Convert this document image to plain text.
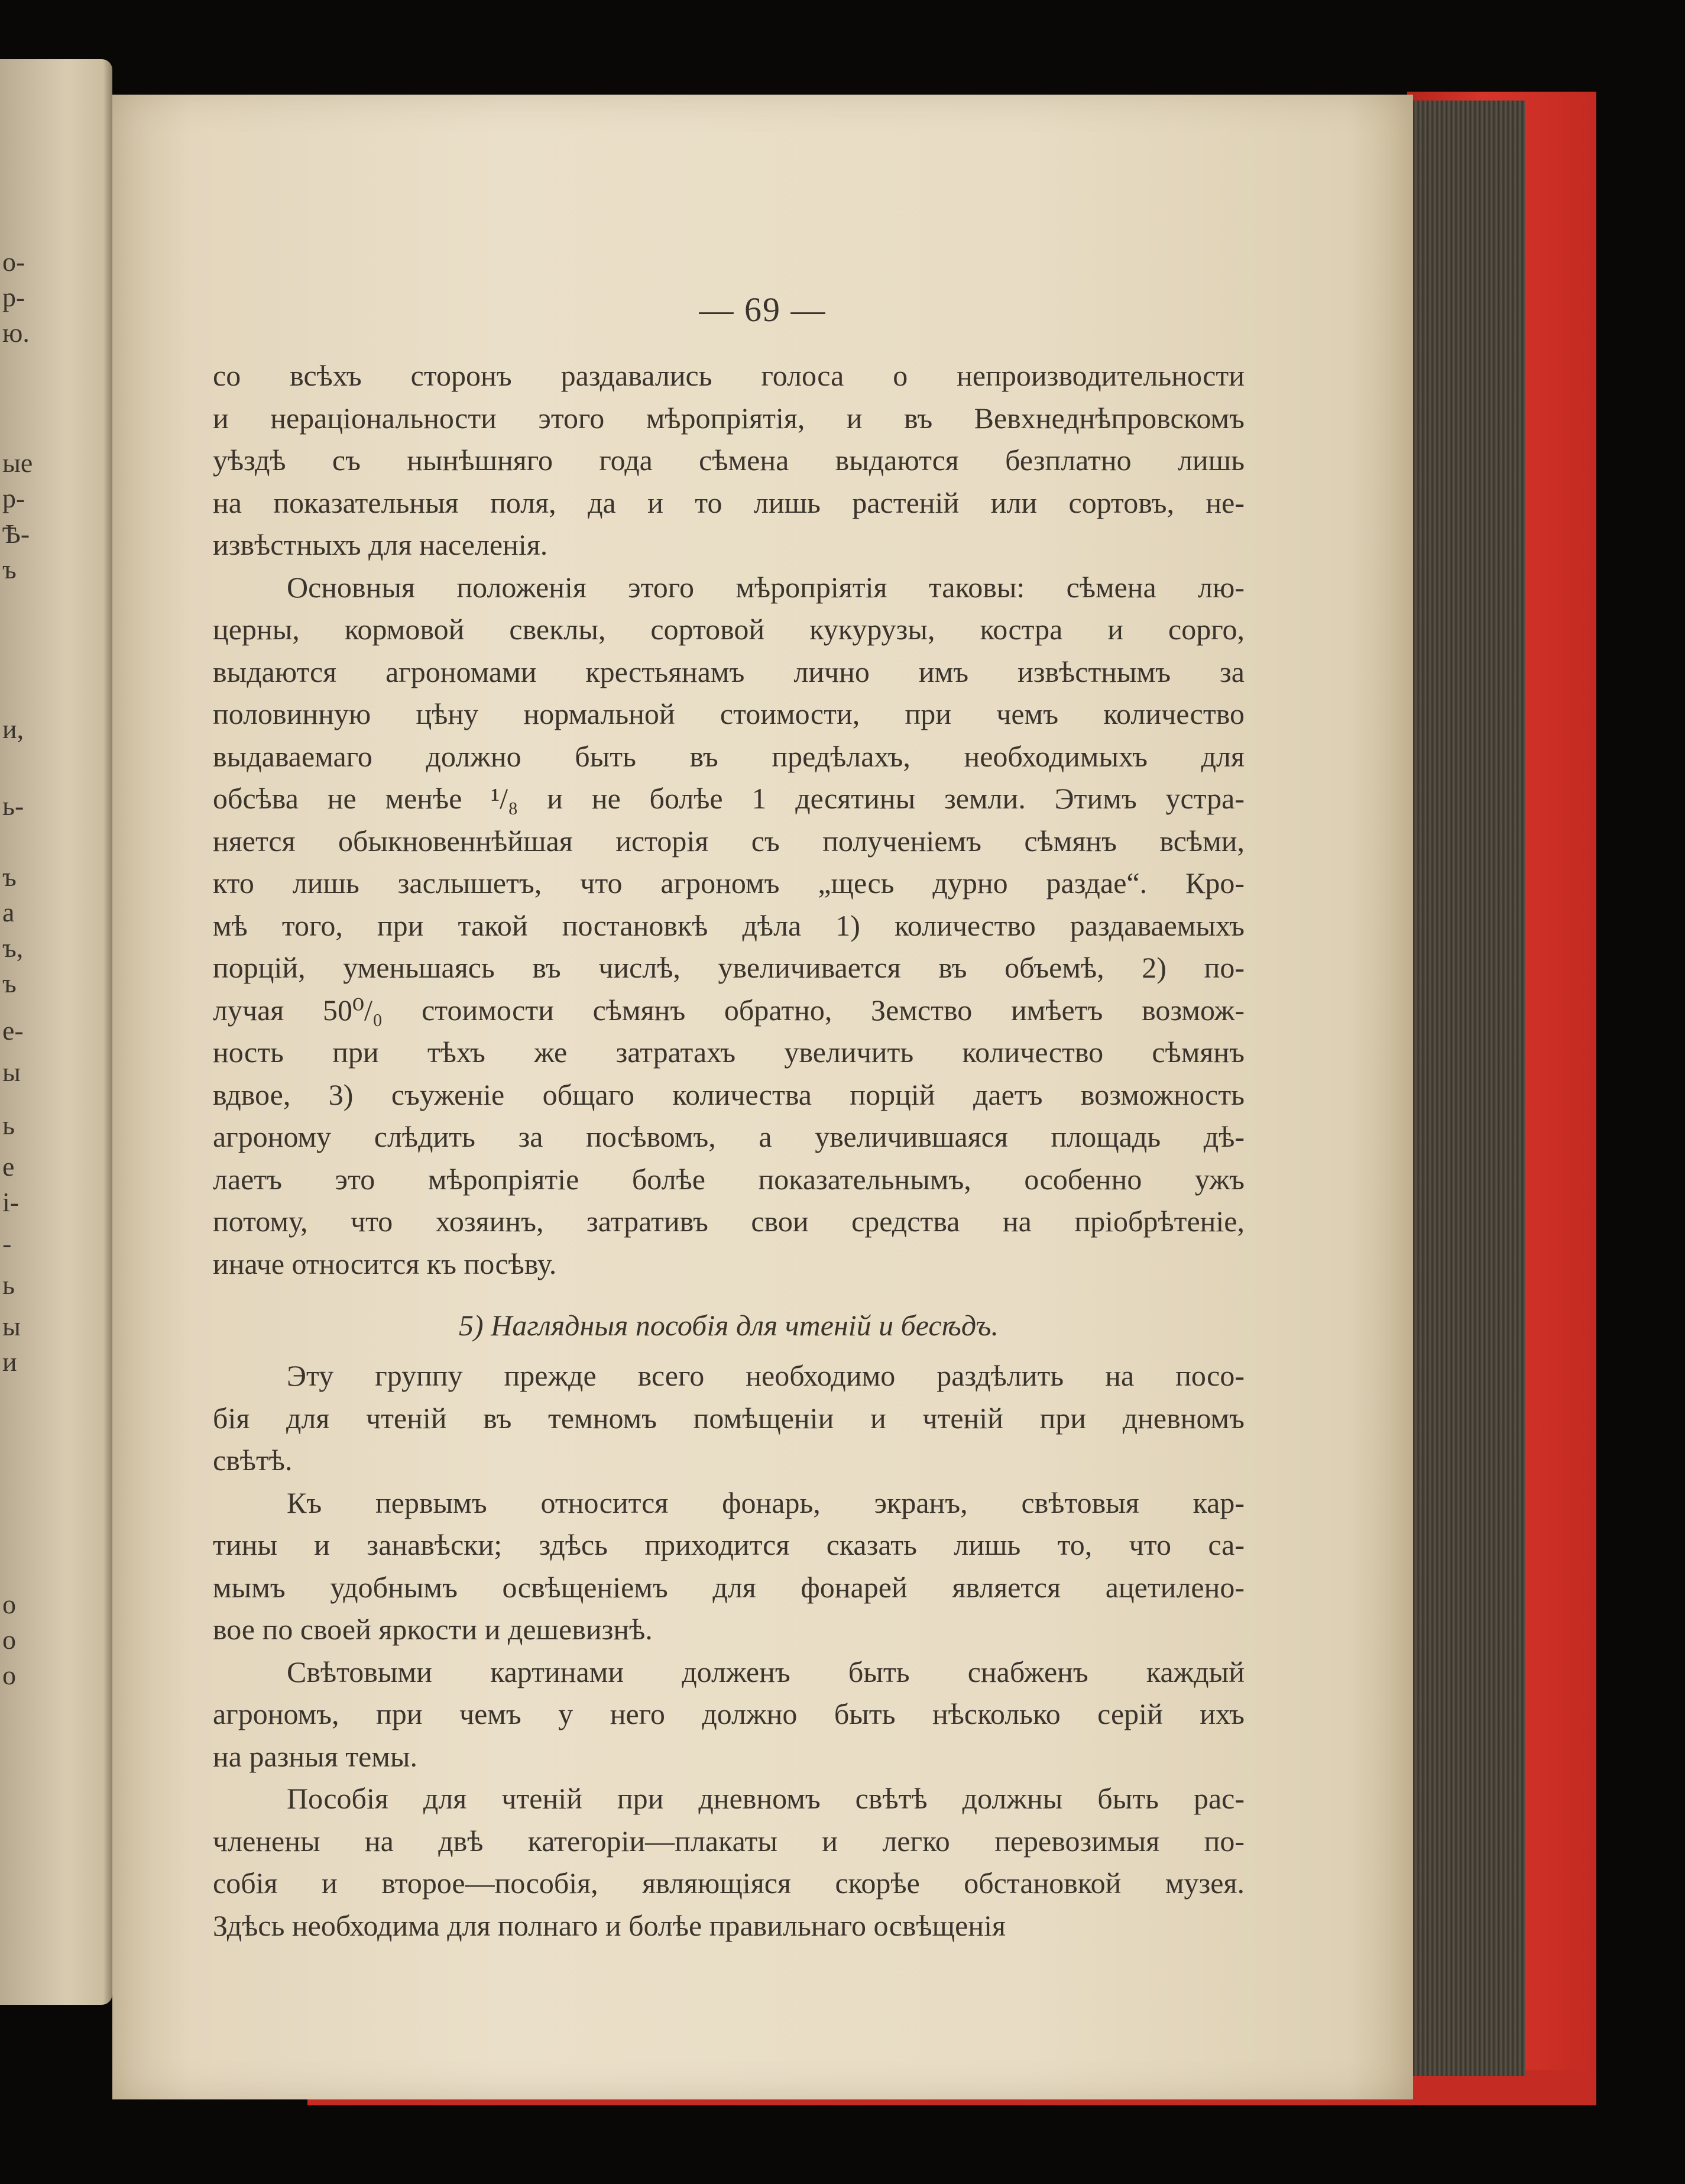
о-
р-
ю.
ые
р-
Ѣ-
ъ
и,
ь-
ъ
а
ъ,
ъ
е-
ы
ь
е
і-
-
ь
ы
и
о
о
о
— 69 —
со всѣхъ сторонъ раздавались голоса о непроизводительности
и нераціональности этого мѣропріятія, и въ Вевхнеднѣпровскомъ
уѣздѣ съ нынѣшняго года сѣмена выдаются безплатно лишь
на показательныя поля, да и то лишь растеній или сортовъ, не-
извѣстныхъ для населенія.
Основныя положенія этого мѣропріятія таковы: сѣмена лю-
церны, кормовой свеклы, сортовой кукурузы, костра и сорго,
выдаются агрономами крестьянамъ лично имъ извѣстнымъ за
половинную цѣну нормальной стоимости, при чемъ количество
выдаваемаго должно быть въ предѣлахъ, необходимыхъ для
обсѣва не менѣе ¹/₈ и не болѣе 1 десятины земли. Этимъ устра-
няется обыкновеннѣйшая исторія съ полученіемъ сѣмянъ всѣми,
кто лишь заслышетъ, что агрономъ „щесь дурно раздае“. Кро-
мѣ того, при такой постановкѣ дѣла 1) количество раздаваемыхъ
порцій, уменьшаясь въ числѣ, увеличивается въ объемѣ, 2) по-
лучая 50⁰/₀ стоимости сѣмянъ обратно, Земство имѣетъ возмож-
ность при тѣхъ же затратахъ увеличить количество сѣмянъ
вдвое, 3) съуженіе общаго количества порцій даетъ возможность
агроному слѣдить за посѣвомъ, а увеличившаяся площадь дѣ-
лаетъ это мѣропріятіе болѣе показательнымъ, особенно ужъ
потому, что хозяинъ, затративъ свои средства на пріобрѣтеніе,
иначе относится къ посѣву.
5) Наглядныя пособія для чтеній и бесѣдъ.
Эту группу прежде всего необходимо раздѣлить на посо-
бія для чтеній въ темномъ помѣщеніи и чтеній при дневномъ
свѣтѣ.
Къ первымъ относится фонарь, экранъ, свѣтовыя кар-
тины и занавѣски; здѣсь приходится сказать лишь то, что са-
мымъ удобнымъ освѣщеніемъ для фонарей является ацетилено-
вое по своей яркости и дешевизнѣ.
Свѣтовыми картинами долженъ быть снабженъ каждый
агрономъ, при чемъ у него должно быть нѣсколько серій ихъ
на разныя темы.
Пособія для чтеній при дневномъ свѣтѣ должны быть рас-
членены на двѣ категоріи—плакаты и легко перевозимыя по-
собія и второе—пособія, являющіяся скорѣе обстановкой музея.
Здѣсь необходима для полнаго и болѣе правильнаго освѣщенія
